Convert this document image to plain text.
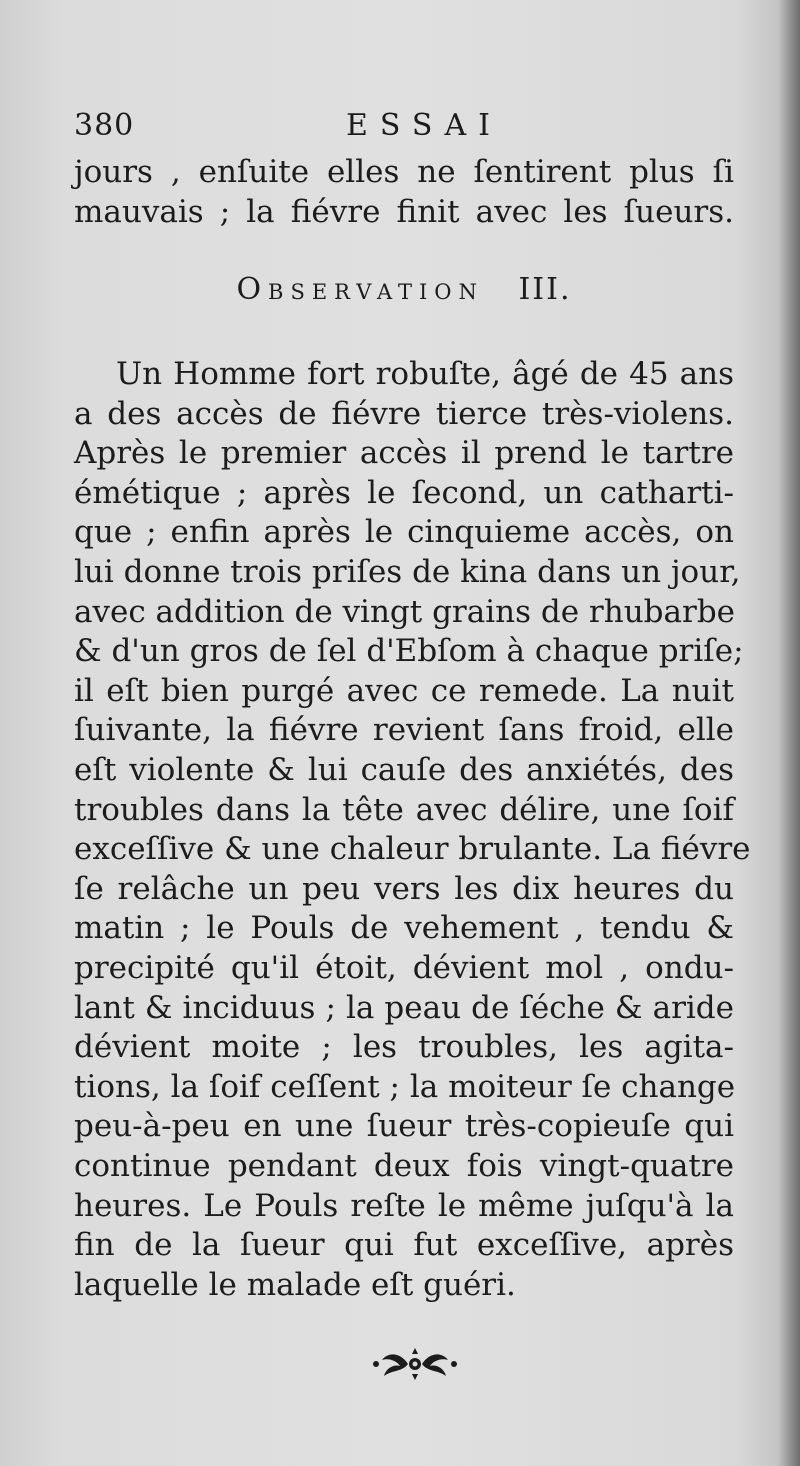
380	ESSAI
jours , enſuite elles ne ſentirent plus ſi
mauvais ; la fiévre finit avec les ſueurs.
Observation III.
Un Homme fort robuſte, âgé de 45 ans
a des accès de fiévre tierce très-violens.
Après le premier accès il prend le tartre
émétique ; après le ſecond, un catharti-
que ; enfin après le cinquieme accès, on
lui donne trois priſes de kina dans un jour,
avec addition de vingt grains de rhubarbe
& d'un gros de ſel d'Ebſom à chaque priſe;
il eſt bien purgé avec ce remede. La nuit
ſuivante, la fiévre revient ſans froid, elle
eſt violente & lui cauſe des anxiétés, des
troubles dans la tête avec délire, une ſoif
exceſſive & une chaleur brulante. La fiévre
ſe relâche un peu vers les dix heures du
matin ; le Pouls de vehement , tendu &
precipité qu'il étoit, dévient mol , ondu-
lant & inciduus ; la peau de ſéche & aride
dévient moite ; les troubles, les agita-
tions, la ſoif ceſſent ; la moiteur ſe change
peu-à-peu en une ſueur très-copieuſe qui
continue pendant deux fois vingt-quatre
heures. Le Pouls reſte le même juſqu'à la
fin de la ſueur qui fut exceſſive, après
laquelle le malade eſt guéri.
